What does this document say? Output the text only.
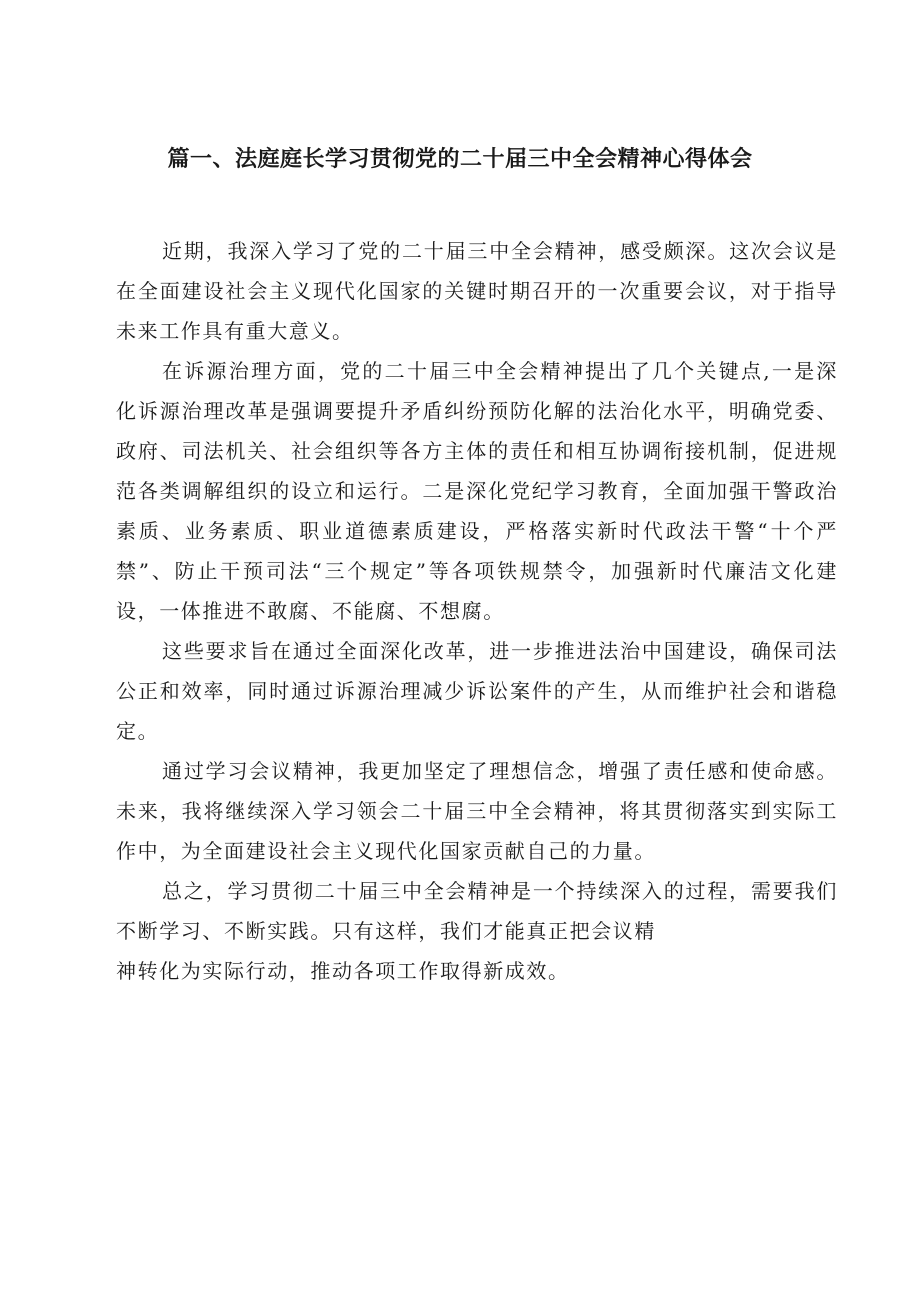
篇一、法庭庭长学习贯彻党的二十届三中全会精神心得体会

近期，我深入学习了党的二十届三中全会精神，感受颇深。这次会议是在全面建设社会主义现代化国家的关键时期召开的一次重要会议，对于指导未来工作具有重大意义。

在诉源治理方面，党的二十届三中全会精神提出了几个关键点,一是深化诉源治理改革是强调要提升矛盾纠纷预防化解的法治化水平，明确党委、政府、司法机关、社会组织等各方主体的责任和相互协调衔接机制，促进规范各类调解组织的设立和运行。二是深化党纪学习教育，全面加强干警政治素质、业务素质、职业道德素质建设，严格落实新时代政法干警“十个严禁”、防止干预司法“三个规定”等各项铁规禁令，加强新时代廉洁文化建设，一体推进不敢腐、不能腐、不想腐。

这些要求旨在通过全面深化改革，进一步推进法治中国建设，确保司法公正和效率，同时通过诉源治理减少诉讼案件的产生，从而维护社会和谐稳定。

通过学习会议精神，我更加坚定了理想信念，增强了责任感和使命感。未来，我将继续深入学习领会二十届三中全会精神，将其贯彻落实到实际工作中，为全面建设社会主义现代化国家贡献自己的力量。

总之，学习贯彻二十届三中全会精神是一个持续深入的过程，需要我们不断学习、不断实践。只有这样，我们才能真正把会议精神转化为实际行动，推动各项工作取得新成效。
